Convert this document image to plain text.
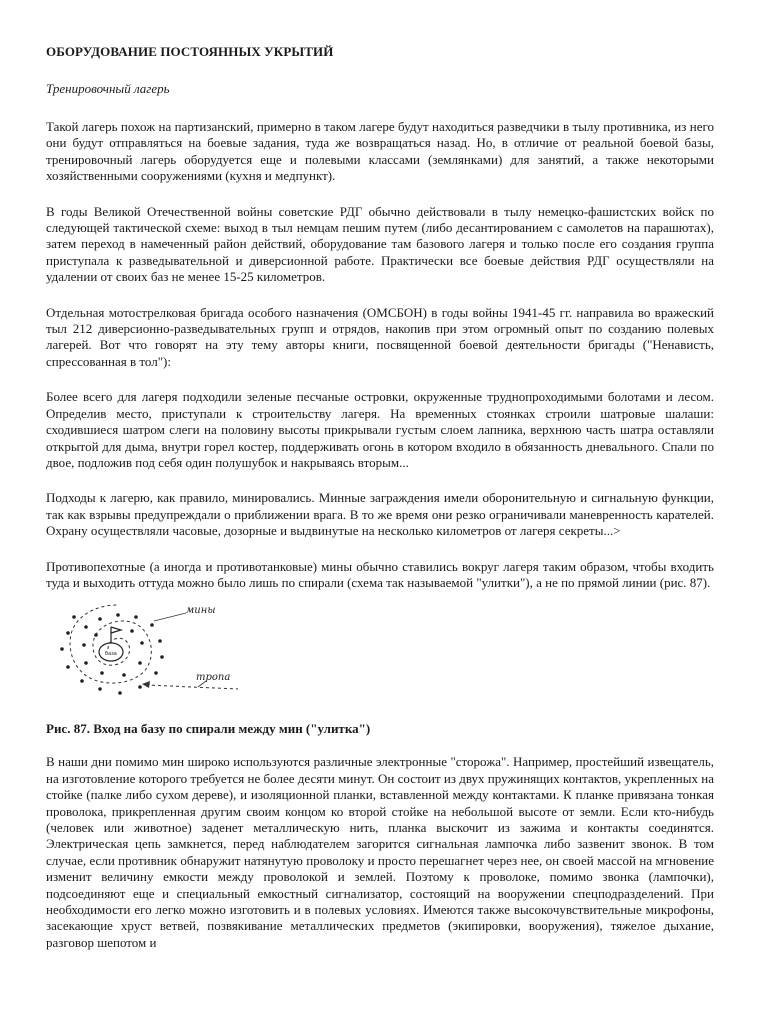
ОБОРУДОВАНИЕ ПОСТОЯННЫХ УКРЫТИЙ
Тренировочный лагерь

Такой лагерь похож на партизанский, примерно в таком лагере будут находиться разведчики в тылу противника, из него они будут отправляться на боевые задания, туда же возвращаться назад. Но, в отличие от реальной боевой базы, тренировочный лагерь оборудуется еще и полевыми классами (землянками) для занятий, а также некоторыми хозяйственными сооружениями (кухня и медпункт).

В годы Великой Отечественной войны советские РДГ обычно действовали в тылу немецко-фашистских войск по следующей тактической схеме: выход в тыл немцам пешим путем (либо десантированием с самолетов на парашютах), затем переход в намеченный район действий, оборудование там базового лагеря и только после его создания группа приступала к разведывательной и диверсионной работе. Практически все боевые действия РДГ осуществляли на удалении от своих баз не менее 15-25 километров.

Отдельная мотострелковая бригада особого назначения (ОМСБОН) в годы войны 1941-45 гг. направила во вражеский тыл 212 диверсионно-разведывательных групп и отрядов, накопив при этом огромный опыт по созданию полевых лагерей. Вот что говорят на эту тему авторы книги, посвященной боевой деятельности бригады ("Ненависть, спрессованная в тол"):

Более всего для лагеря подходили зеленые песчаные островки, окруженные труднопроходимыми болотами и лесом. Определив место, приступали к строительству лагеря. На временных стоянках строили шатровые шалаши: сходившиеся шатром слеги на половину высоты прикрывали густым слоем лапника, верхнюю часть шатра оставляли открытой для дыма, внутри горел костер, поддерживать огонь в котором входило в обязанность дневального. Спали по двое, подложив под себя один полушубок и накрываясь вторым...

Подходы к лагерю, как правило, минировались. Минные заграждения имели оборонительную и сигнальную функции, так как взрывы предупреждали о приближении врага. В то же время они резко ограничивали маневренность карателей. Охрану осуществляли часовые, дозорные и выдвинутые на несколько километров от лагеря секреты...>

Противопехотные (а иногда и противотанковые) мины обычно ставились вокруг лагеря таким образом, чтобы входить туда и выходить оттуда можно было лишь по спирали (схема так называемой "улитки"), а не по прямой линии (рис. 87).

база
мины
тропа
Рис. 87. Вход на базу по спирали между мин ("улитка")

В наши дни помимо мин широко используются различные электронные "сторожа". Например, простейший извещатель, на изготовление которого требуется не более десяти минут. Он состоит из двух пружинящих контактов, укрепленных на стойке (палке либо сухом дереве), и изоляционной планки, вставленной между контактами. К планке привязана тонкая проволока, прикрепленная другим своим концом ко второй стойке на небольшой высоте от земли. Если кто-нибудь (человек или животное) заденет металлическую нить, планка выскочит из зажима и контакты соединятся. Электрическая цепь замкнется, перед наблюдателем загорится сигнальная лампочка либо зазвенит звонок. В том случае, если противник обнаружит натянутую проволоку и просто перешагнет через нее, он своей массой на мгновение изменит величину емкости между проволокой и землей. Поэтому к проволоке, помимо звонка (лампочки), подсоединяют еще и специальный емкостный сигнализатор, состоящий на вооружении спецподразделений. При необходимости его легко можно изготовить и в полевых условиях. Имеются также высокочувствительные микрофоны, засекающие хруст ветвей, позвякивание металлических предметов (экипировки, вооружения), тяжелое дыхание, разговор шепотом и
